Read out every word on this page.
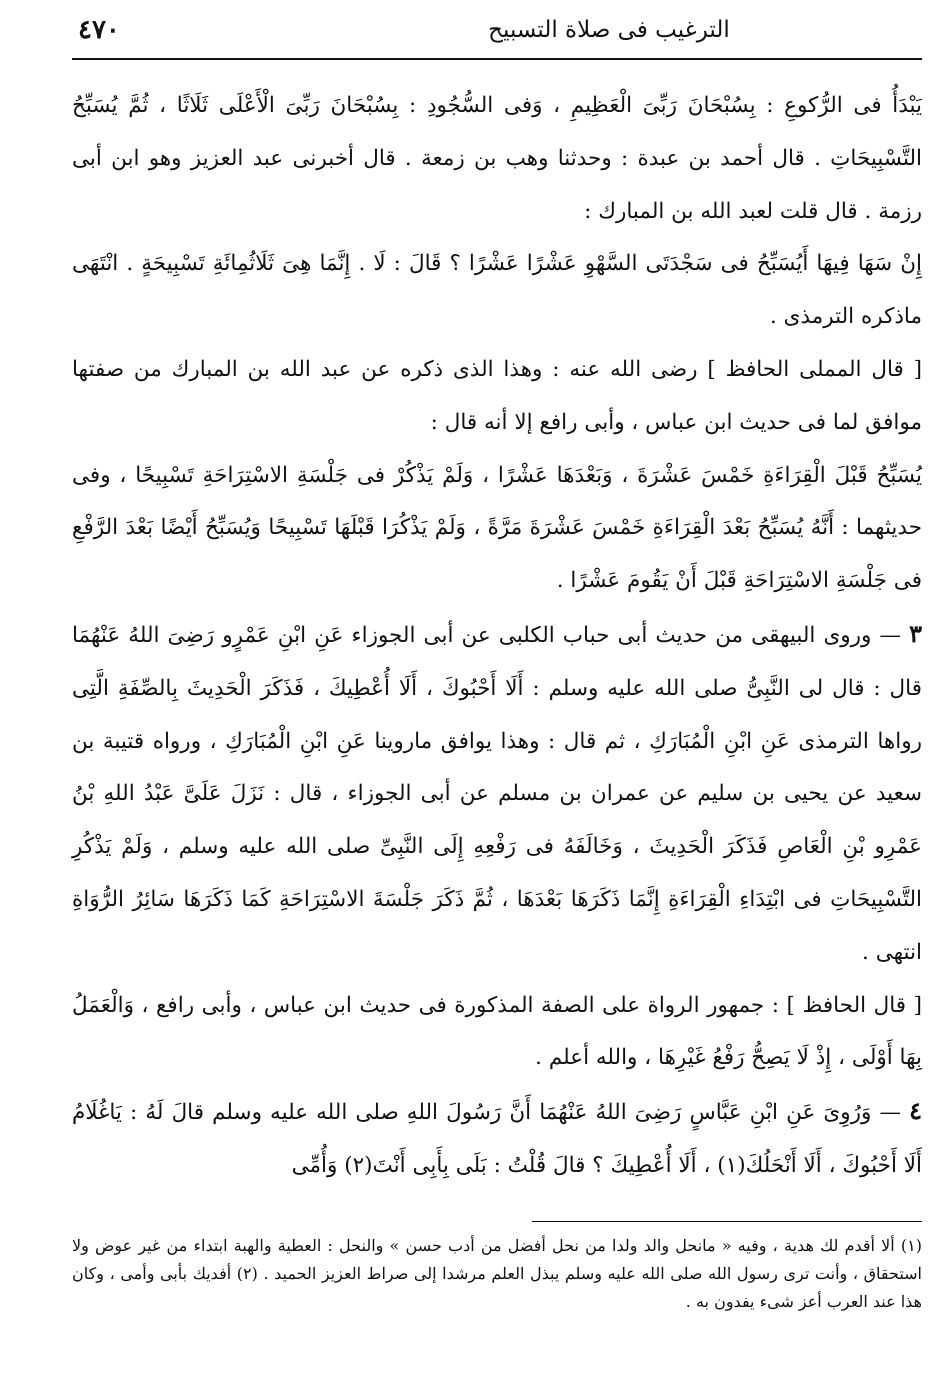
الترغيب فى صلاة التسبيح
٤٧٠

يَبْدَأُ فى الرُّكوعِ : بِسُبْحَانَ رَبِّىَ الْعَظِيمِ ، وَفى السُّجُودِ : بِسُبْحَانَ رَبِّىَ الْأَعْلَى ثَلَاثًا ، ثُمَّ يُسَبِّحُ التَّسْبِيحَاتِ . قال أحمد بن عبدة : وحدثنا وهب بن زمعة . قال أخبرنى عبد العزيز وهو ابن أبى رزمة . قال قلت لعبد الله بن المبارك :

إِنْ سَهَا فِيهَا أَيُسَبِّحُ فى سَجْدَتَى السَّهْوِ عَشْرًا عَشْرًا ؟ قَالَ : لَا . إِنَّمَا هِىَ ثَلَاثُمِائَةِ تَسْبِيحَةٍ . انْتَهَى ماذكره الترمذى .

[ قال المملى الحافظ ] رضى الله عنه : وهذا الذى ذكره عن عبد الله بن المبارك من صفتها موافق لما فى حديث ابن عباس ، وأبى رافع إلا أنه قال :

يُسَبِّحُ قَبْلَ الْقِرَاءَةِ خَمْسَ عَشْرَةَ ، وَبَعْدَهَا عَشْرًا ، وَلَمْ يَذْكُرْ فى جَلْسَةِ الاسْتِرَاحَةِ تَسْبِيحًا ، وفى حديثهما : أَنَّهُ يُسَبِّحُ بَعْدَ الْقِرَاءَةِ خَمْسَ عَشْرَةَ مَرَّةً ، وَلَمْ يَذْكُرَا قَبْلَهَا تَسْبِيحًا وَيُسَبِّحُ أَيْضًا بَعْدَ الرَّفْعِ فى جَلْسَةِ الاسْتِرَاحَةِ قَبْلَ أَنْ يَقُومَ عَشْرًا .

٣ — وروى البيهقى من حديث أبى حباب الكلبى عن أبى الجوزاء عَنِ ابْنِ عَمْرٍو رَضِىَ اللهُ عَنْهُمَا قال : قال لى النَّبِىُّ صلى الله عليه وسلم : أَلَا أَحْبُوكَ ، أَلَا أُعْطِيكَ ، فَذَكَرَ الْحَدِيثَ بِالصِّفَةِ الَّتِى رواها الترمذى عَنِ ابْنِ الْمُبَارَكِ ، ثم قال : وهذا يوافق ماروينا عَنِ ابْنِ الْمُبَارَكِ ، ورواه قتيبة بن سعيد عن يحيى بن سليم عن عمران بن مسلم عن أبى الجوزاء ، قال : نَزَلَ عَلَىَّ عَبْدُ اللهِ بْنُ عَمْرِو بْنِ الْعَاصِ فَذَكَرَ الْحَدِيثَ ، وَخَالَفَهُ فى رَفْعِهِ إِلَى النَّبِىِّ صلى الله عليه وسلم ، وَلَمْ يَذْكُرِ التَّسْبِيحَاتِ فى ابْتِدَاءِ الْقِرَاءَةِ إِنَّمَا ذَكَرَهَا بَعْدَهَا ، ثُمَّ ذَكَرَ جَلْسَةَ الاسْتِرَاحَةِ كَمَا ذَكَرَهَا سَائِرُ الرُّوَاةِ انتهى .

[ قال الحافظ ] : جمهور الرواة على الصفة المذكورة فى حديث ابن عباس ، وأبى رافع ، وَالْعَمَلُ بِهَا أَوْلَى ، إِذْ لَا يَصِحُّ رَفْعُ غَيْرِهَا ، والله أعلم .

٤ — وَرُوِىَ عَنِ ابْنِ عَبَّاسٍ رَضِىَ اللهُ عَنْهُمَا أَنَّ رَسُولَ اللهِ صلى الله عليه وسلم قالَ لَهُ : يَاغُلَامُ أَلَا أَحْبُوكَ ، أَلَا أَنْحَلُكَ(١) ، أَلَا أُعْطِيكَ ؟ قالَ قُلْتُ : بَلَى بِأَبِى أَنْتَ(٢) وَأُمِّى

(١) ألا أقدم لك هدية ، وفيه « مانحل والد ولدا من نحل أفضل من أدب حسن » والنحل : العطية والهبة ابتداء من غير عوض ولا استحقاق ، وأنت ترى رسول الله صلى الله عليه وسلم يبذل العلم مرشدا إلى صراط العزيز الحميد . (٢) أفديك بأبى وأمى ، وكان هذا عند العرب أعز شىء يفدون به .
